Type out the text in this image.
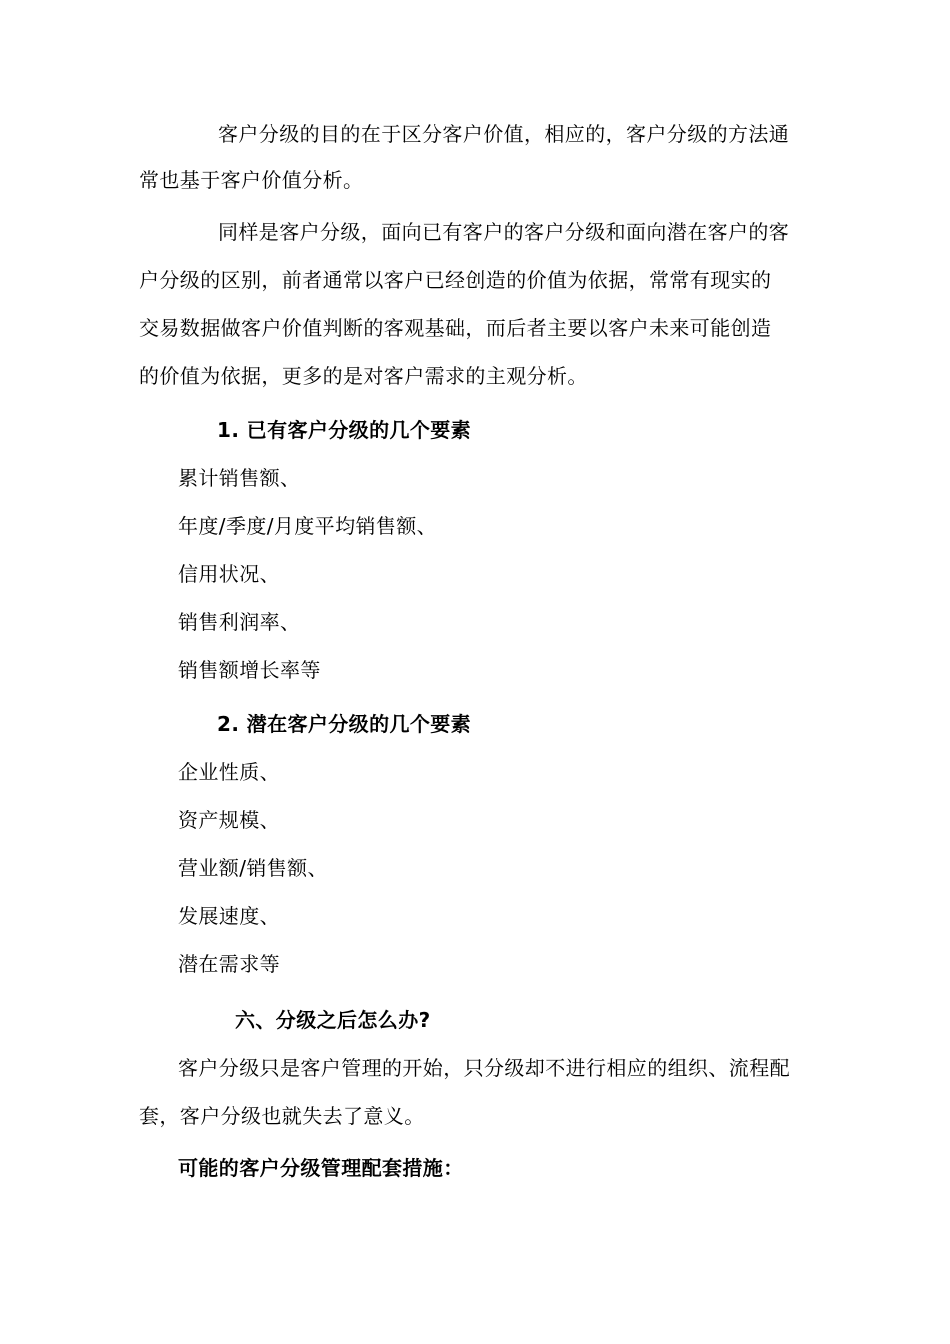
客户分级的目的在于区分客户价值，相应的，客户分级的方法通
常也基于客户价值分析。
同样是客户分级，面向已有客户的客户分级和面向潜在客户的客
户分级的区别，前者通常以客户已经创造的价值为依据，常常有现实的
交易数据做客户价值判断的客观基础，而后者主要以客户未来可能创造
的价值为依据，更多的是对客户需求的主观分析。
1. 已有客户分级的几个要素
累计销售额、
年度/季度/月度平均销售额、
信用状况、
销售利润率、
销售额增长率等
2. 潜在客户分级的几个要素
企业性质、
资产规模、
营业额/销售额、
发展速度、
潜在需求等
六、分级之后怎么办?
客户分级只是客户管理的开始，只分级却不进行相应的组织、流程配
套，客户分级也就失去了意义。
可能的客户分级管理配套措施：
